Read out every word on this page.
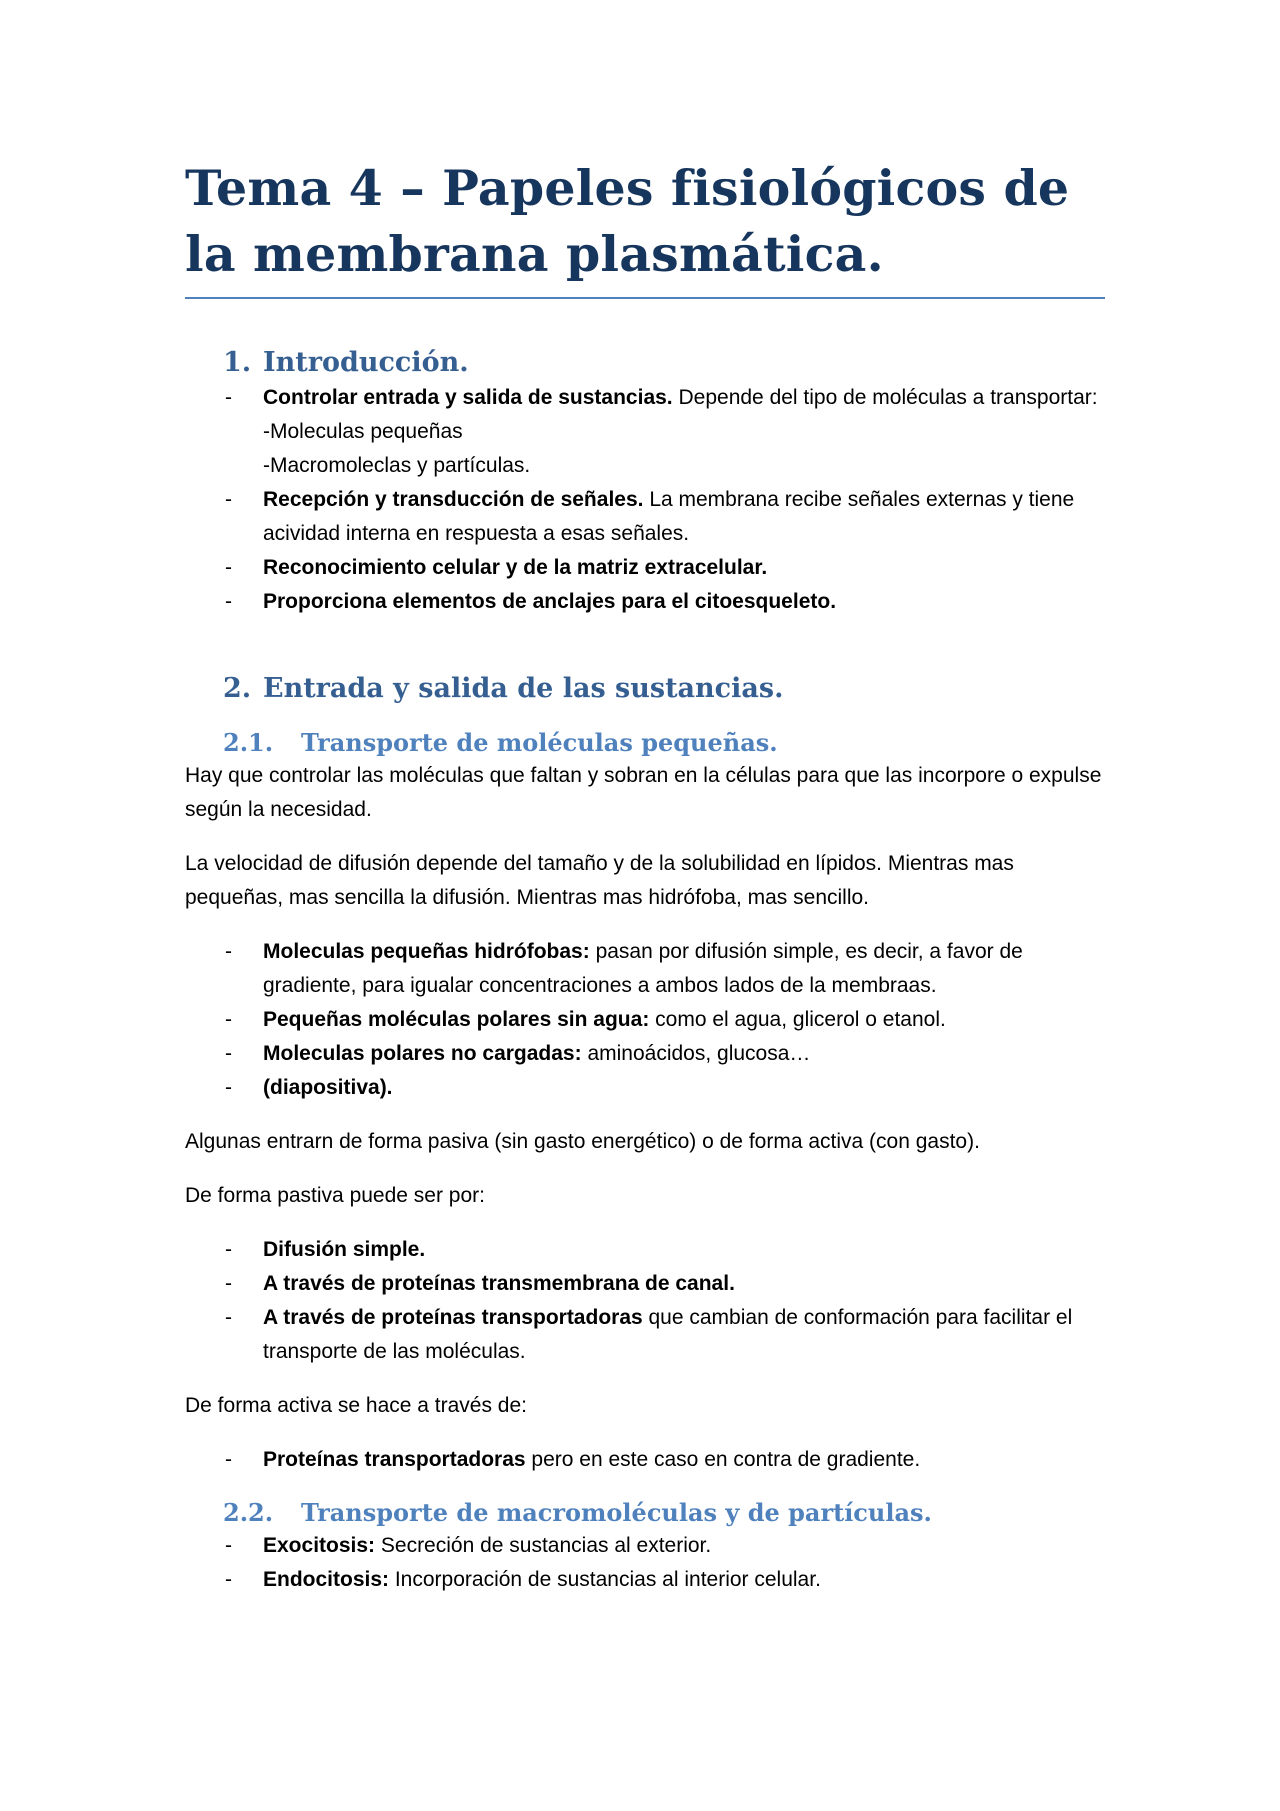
Tema 4 – Papeles fisiológicos de la membrana plasmática.
1. Introducción.
- Controlar entrada y salida de sustancias. Depende del tipo de moléculas a transportar:
-Moleculas pequeñas
-Macromoleclas y partículas.
- Recepción y transducción de señales. La membrana recibe señales externas y tiene acividad interna en respuesta a esas señales.
- Reconocimiento celular y de la matriz extracelular.
- Proporciona elementos de anclajes para el citoesqueleto.
2. Entrada y salida de las sustancias.
2.1. Transporte de moléculas pequeñas.

Hay que controlar las moléculas que faltan y sobran en la células para que las incorpore o expulse según la necesidad.

La velocidad de difusión depende del tamaño y de la solubilidad en lípidos. Mientras mas pequeñas, mas sencilla la difusión. Mientras mas hidrófoba, mas sencillo.

- Moleculas pequeñas hidrófobas: pasan por difusión simple, es decir, a favor de gradiente, para igualar concentraciones a ambos lados de la membraas.
- Pequeñas moléculas polares sin agua: como el agua, glicerol o etanol.
- Moleculas polares no cargadas: aminoácidos, glucosa…
- (diapositiva).

Algunas entrarn de forma pasiva (sin gasto energético) o de forma activa (con gasto).

De forma pastiva puede ser por:

- Difusión simple.
- A través de proteínas transmembrana de canal.
- A través de proteínas transportadoras que cambian de conformación para facilitar el transporte de las moléculas.

De forma activa se hace a través de:

- Proteínas transportadoras pero en este caso en contra de gradiente.
2.2. Transporte de macromoléculas y de partículas.
- Exocitosis: Secreción de sustancias al exterior.
- Endocitosis: Incorporación de sustancias al interior celular.
